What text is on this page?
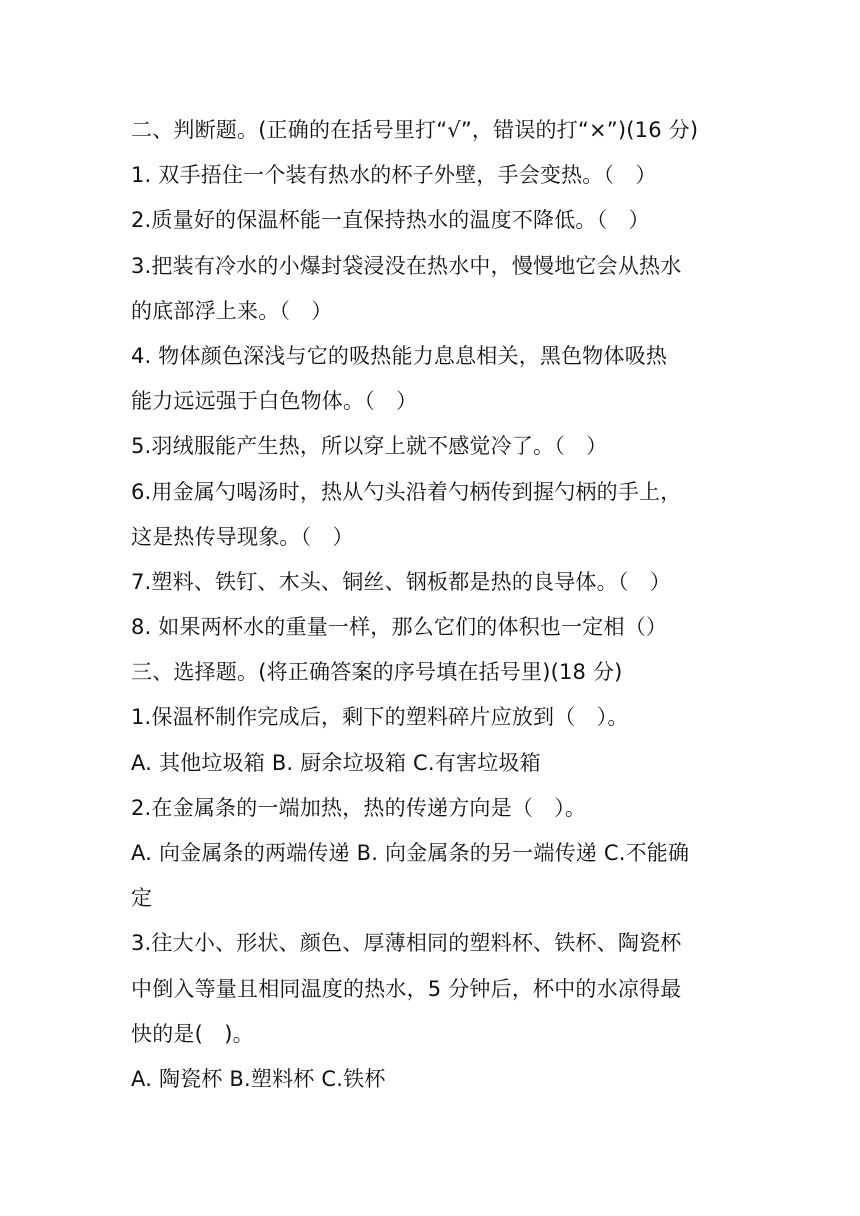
二、判断题。(正确的在括号里打“√”，错误的打“×”)(16 分)
1. 双手捂住一个装有热水的杯子外壁，手会变热。（　）
2.质量好的保温杯能一直保持热水的温度不降低。（　）
3.把装有冷水的小爆封袋浸没在热水中，慢慢地它会从热水
的底部浮上来。（　）
4. 物体颜色深浅与它的吸热能力息息相关，黑色物体吸热
能力远远强于白色物体。（　）
5.羽绒服能产生热，所以穿上就不感觉冷了。（　）
6.用金属勺喝汤时，热从勺头沿着勺柄传到握勺柄的手上，
这是热传导现象。（　）
7.塑料、铁钉、木头、铜丝、钢板都是热的良导体。（　）
8. 如果两杯水的重量一样，那么它们的体积也一定相（）
三、选择题。(将正确答案的序号填在括号里)(18 分)
1.保温杯制作完成后，剩下的塑料碎片应放到（　）。
A. 其他垃圾箱 B. 厨余垃圾箱 C.有害垃圾箱
2.在金属条的一端加热，热的传递方向是（　）。
A. 向金属条的两端传递 B. 向金属条的另一端传递 C.不能确
定
3.往大小、形状、颜色、厚薄相同的塑料杯、铁杯、陶瓷杯
中倒入等量且相同温度的热水，5 分钟后，杯中的水凉得最
快的是(　)。
A. 陶瓷杯 B.塑料杯 C.铁杯
